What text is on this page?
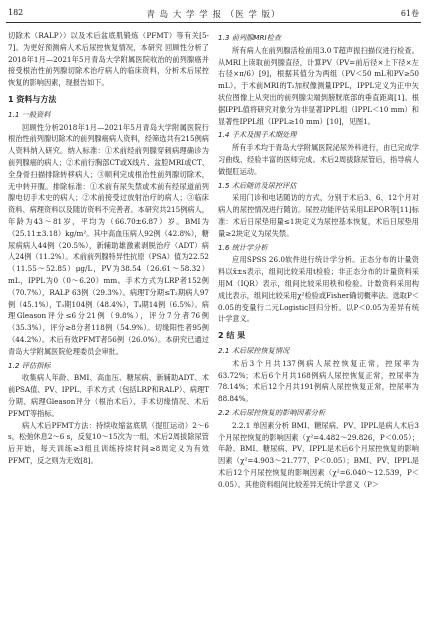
182	青 岛 大 学 学 报 （医 学 版）	61卷

切除术（RALP））以及术后盆底肌锻炼（PFMT）等有关[5-7]。为更好预测病人术后尿控恢复情况，本研究 回顾性分析了2018年1月—2021年5月青岛大学附属医院收治的前列腺癌并接受根治性前列腺切除术治疗病人的临床资料，分析术后尿控恢复的影响因素，现报告如下。

1 资料与方法
1.1 一般资料

回顾性分析2018年1月—2021年5月青岛大学附属医院行根治性前列腺切除术的前列腺癌病人资料，经筛选共有215例病人资料纳入研究。纳入标准：①术前经前列腺穿刺病理确诊为前列腺癌的病人；②术前行胸部CT或X线片、盆腔MRI或CT、全身骨扫描排除转移病人；③顺利完成根治性前列腺切除术，无中转开腹。排除标准：①术前有尿失禁或术前有经尿道前列腺电切手术史的病人；②术前接受过放射治疗的病人；③临床资料、病理资料以及随访资料不完善者。本研究共215例病人，年龄为43～81岁，平均为（66.70±6.87）岁。BMI为（25.11±3.18）kg/m²。其中高血压病人92例（42.8%），糖尿病病人44例（20.5%），新辅助雄激素剥脱治疗（ADT）病人24例（11.2%）。术前前列腺特异性抗原（PSA）值为22.52（11.55～52.85）μg/L，PV为38.54（26.61～58.32）mL，IPPL为0（0～6.20）mm。手术方式为LRP者152例（70.7%），RALP 63例（29.3%）。病理T分期≤T₂期病人97例（45.1%），T₃期104例（48.4%），T₄期14例（6.5%）。病理Gleason评分≤6分21例（9.8%），评分7分者76例（35.3%），评分≥8分者118例（54.9%）。切缘阳性者95例（44.2%）。术后有效PFMT者56例（26.0%）。本研究已通过青岛大学附属医院伦理委员会审批。

1.2 评估指标

收集病人年龄、BMI、高血压、糖尿病、新辅助ADT、术前PSA值、PV、IPPL、手术方式（包括LRP和RALP）、病理T分期、病理Gleason评分（根治术后）、手术切缘情况、术后PFMT等指标。

病人术后PFMT方法：持续收缩盆底肌（提肛运动）2～6 s，松弛休息2～6 s，反复10～15次为一组，术后2周拔除尿管后开始，每天训练≥3组且训练持续时间≥8周定义为有效PFMT，反之则为无效[8]。

1.3 前列腺MRI检查

所有病人在前列腺活检前用3.0 T超声振扫描仪进行检查。从MRI上读取前列腺直径，计算PV（PV=前后径×上下径×左右径×π/6）[9]，根据其值分为两组（PV＜50 mL和PV≥50 mL）。于术前MRI的T₂加权像测量IPPL，IPPL定义为正中矢状位图像上从突出的前列腺尖端到膀胱底部的垂直距离[1]。根据IPPL值将研究对象分为非显著IPPL组（IPPL＜10 mm）和显著性IPPL组（IPPL≥10 mm）[10]，见图1。

1.4 手术及围手术期处理

所有手术均于青岛大学附属医院泌尿外科进行，由已完成学习曲线、经验丰富的医师完成。术后2周拔除尿管后，指导病人做提肛运动。

1.5 术后随访及尿控评估

采用门诊和电话随访的方式，分别于术后3、6、12个月对病人的尿控情况进行随访。尿控功能评估采用LEPOR等[11]标准：术后日尿垫用量≤1块定义为尿控基本恢复，术后日尿垫用量≥2块定义为尿失禁。

1.6 统计学分析

应用SPSS 26.0软件进行统计学分析。正态分布的计量资料以x̄±s表示，组间比较采用t检验；非正态分布的计量资料采用M（IQR）表示，组间比较采用秩和检验。计数资料采用构成比表示，组间比较采用χ²检验或Fisher确切概率法。选取P＜0.05的变量行二元Logistic回归分析。以P＜0.05为差异有统计学意义。

2 结 果
2.1 术后尿控恢复情况

术后3个月共137例病人尿控恢复正常，控尿率为63.72%；术后6个月共168例病人尿控恢复正常，控尿率为78.14%；术后12个月共191例病人尿控恢复正常，控尿率为88.84%。

2.2 术后尿控恢复的影响因素分析

2.2.1 单因素分析 BMI、糖尿病、PV、IPPL是病人术后3个月尿控恢复的影响因素（χ²=4.482～29.826，P＜0.05）；年龄、BMI、糖尿病、PV、IPPL是术后6个月尿控恢复的影响因素（χ²=4.903～21.777，P＜0.05）；BMI、PV、IPPL是术后12个月尿控恢复的影响因素（χ²=6.040～12.539，P＜0.05）。其他资料组间比较差异无统计学意义（P＞
